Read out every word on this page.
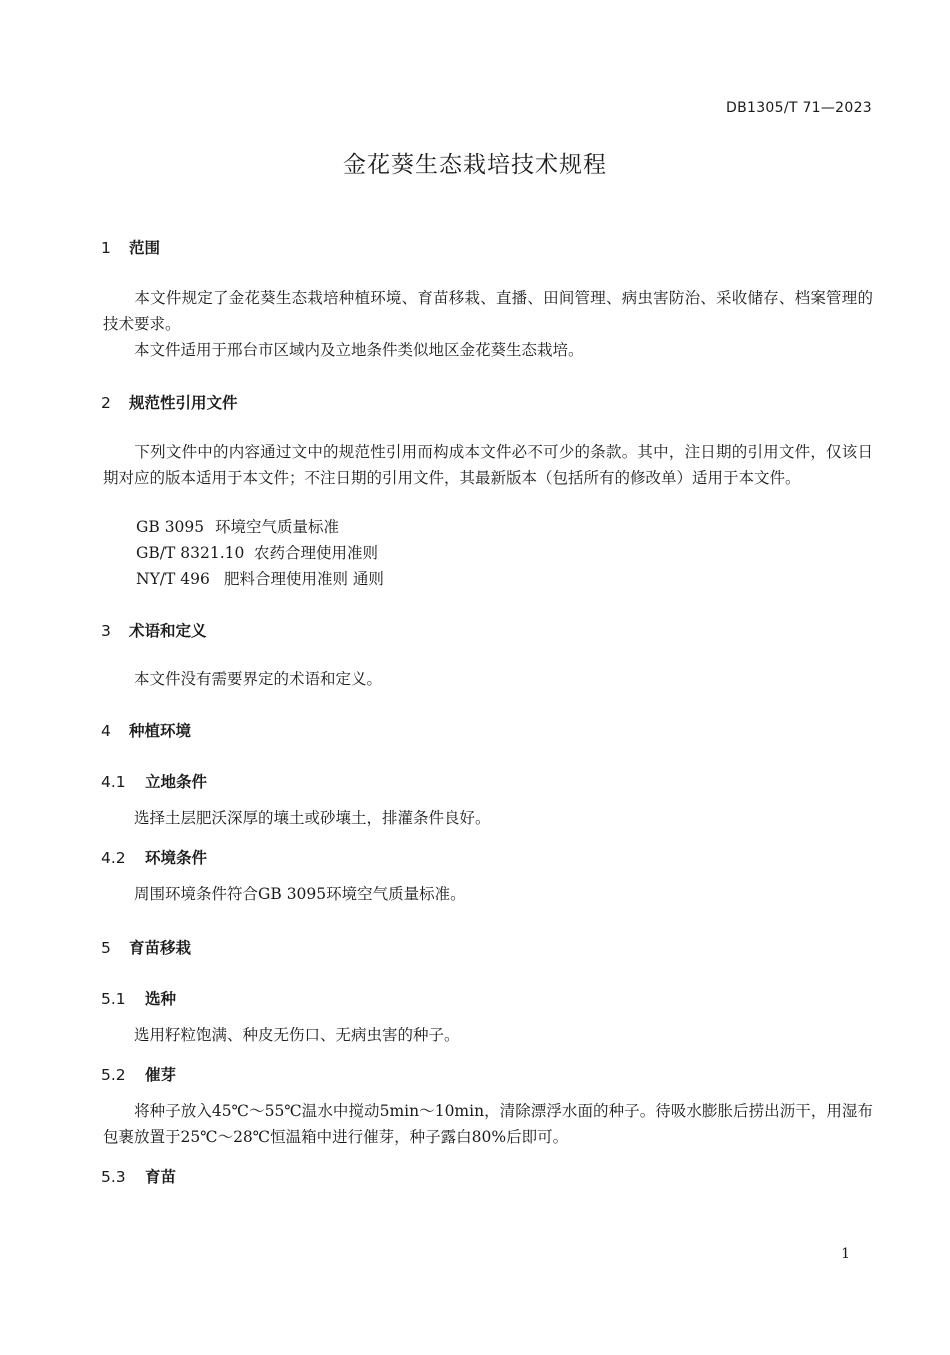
DB1305/T 71—2023
金花葵生态栽培技术规程
1 范围
　　本文件规定了金花葵生态栽培种植环境、育苗移栽、直播、田间管理、病虫害防治、采收储存、档案管理的技术要求。
　　本文件适用于邢台市区域内及立地条件类似地区金花葵生态栽培。
2 规范性引用文件
　　下列文件中的内容通过文中的规范性引用而构成本文件必不可少的条款。其中，注日期的引用文件，仅该日期对应的版本适用于本文件；不注日期的引用文件，其最新版本（包括所有的修改单）适用于本文件。
GB 3095 环境空气质量标准
GB/T 8321.10 农药合理使用准则
NY/T 496 肥料合理使用准则 通则
3 术语和定义
　　本文件没有需要界定的术语和定义。
4 种植环境
4.1 立地条件
　　选择土层肥沃深厚的壤土或砂壤土，排灌条件良好。
4.2 环境条件
　　周围环境条件符合GB 3095环境空气质量标准。
5 育苗移栽
5.1 选种
　　选用籽粒饱满、种皮无伤口、无病虫害的种子。
5.2 催芽
　　将种子放入45℃～55℃温水中搅动5min～10min，清除漂浮水面的种子。待吸水膨胀后捞出沥干，用湿布包裹放置于25℃～28℃恒温箱中进行催芽，种子露白80%后即可。
5.3 育苗
1
